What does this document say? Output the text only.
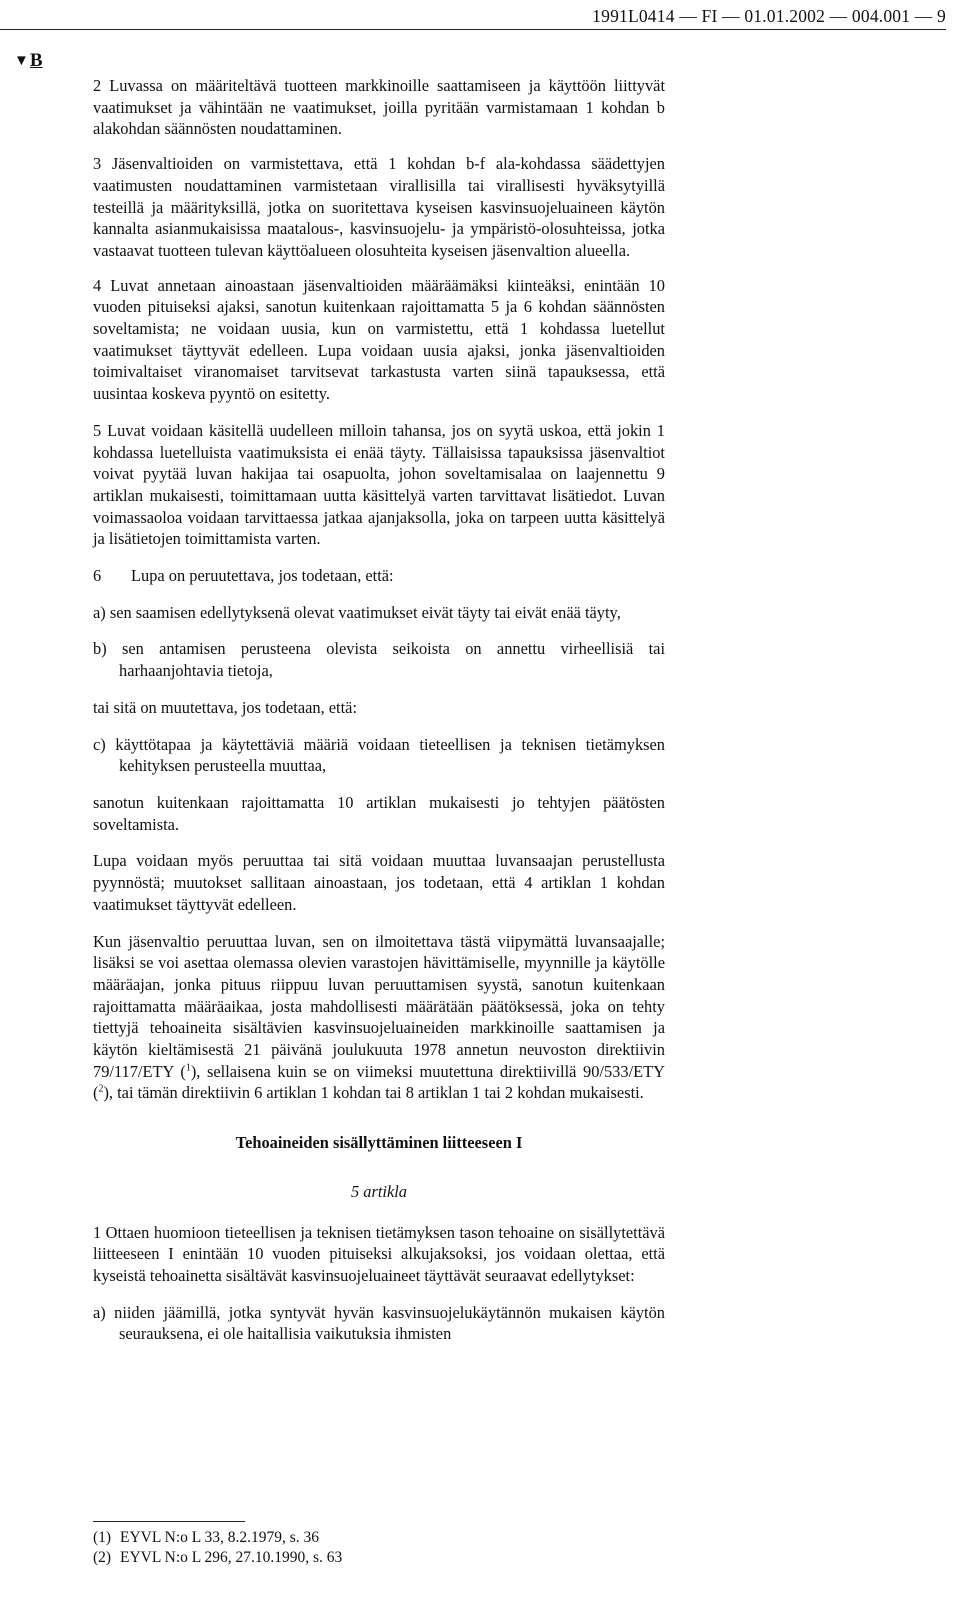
1991L0414 — FI — 01.01.2002 — 004.001 — 9
▼B

2 Luvassa on määriteltävä tuotteen markkinoille saattamiseen ja käyttöön liittyvät vaatimukset ja vähintään ne vaatimukset, joilla pyritään varmistamaan 1 kohdan b alakohdan säännösten noudattaminen.

3 Jäsenvaltioiden on varmistettava, että 1 kohdan b-f ala-kohdassa säädettyjen vaatimusten noudattaminen varmistetaan virallisilla tai virallisesti hyväksytyillä testeillä ja määrityksillä, jotka on suoritettava kyseisen kasvinsuojeluaineen käytön kannalta asianmukaisissa maatalous-, kasvinsuojelu- ja ympäristö-olosuhteissa, jotka vastaavat tuotteen tulevan käyttöalueen olosuhteita kyseisen jäsenvaltion alueella.

4 Luvat annetaan ainoastaan jäsenvaltioiden määräämäksi kiinteäksi, enintään 10 vuoden pituiseksi ajaksi, sanotun kuitenkaan rajoittamatta 5 ja 6 kohdan säännösten soveltamista; ne voidaan uusia, kun on varmistettu, että 1 kohdassa luetellut vaatimukset täyttyvät edelleen. Lupa voidaan uusia ajaksi, jonka jäsenvaltioiden toimivaltaiset viranomaiset tarvitsevat tarkastusta varten siinä tapauksessa, että uusintaa koskeva pyyntö on esitetty.

5 Luvat voidaan käsitellä uudelleen milloin tahansa, jos on syytä uskoa, että jokin 1 kohdassa luetelluista vaatimuksista ei enää täyty. Tällaisissa tapauksissa jäsenvaltiot voivat pyytää luvan hakijaa tai osapuolta, johon soveltamisalaa on laajennettu 9 artiklan mukaisesti, toimittamaan uutta käsittelyä varten tarvittavat lisätiedot. Luvan voimassaoloa voidaan tarvittaessa jatkaa ajanjaksolla, joka on tarpeen uutta käsittelyä ja lisätietojen toimittamista varten.

6 Lupa on peruutettava, jos todetaan, että:

a) sen saamisen edellytyksenä olevat vaatimukset eivät täyty tai eivät enää täyty,

b) sen antamisen perusteena olevista seikoista on annettu virheellisiä tai harhaanjohtavia tietoja,

tai sitä on muutettava, jos todetaan, että:

c) käyttötapaa ja käytettäviä määriä voidaan tieteellisen ja teknisen tietämyksen kehityksen perusteella muuttaa,

sanotun kuitenkaan rajoittamatta 10 artiklan mukaisesti jo tehtyjen päätösten soveltamista.

Lupa voidaan myös peruuttaa tai sitä voidaan muuttaa luvansaajan perustellusta pyynnöstä; muutokset sallitaan ainoastaan, jos todetaan, että 4 artiklan 1 kohdan vaatimukset täyttyvät edelleen.

Kun jäsenvaltio peruuttaa luvan, sen on ilmoitettava tästä viipymättä luvansaajalle; lisäksi se voi asettaa olemassa olevien varastojen hävittämiselle, myynnille ja käytölle määräajan, jonka pituus riippuu luvan peruuttamisen syystä, sanotun kuitenkaan rajoittamatta määräaikaa, josta mahdollisesti määrätään päätöksessä, joka on tehty tiettyjä tehoaineita sisältävien kasvinsuojeluaineiden markkinoille saattamisen ja käytön kieltämisestä 21 päivänä joulukuuta 1978 annetun neuvoston direktiivin 79/117/ETY ($^1$), sellaisena kuin se on viimeksi muutettuna direktiivillä 90/533/ETY ($^2$), tai tämän direktiivin 6 artiklan 1 kohdan tai 8 artiklan 1 tai 2 kohdan mukaisesti.

Tehoaineiden sisällyttäminen liitteeseen I

5 artikla

1 Ottaen huomioon tieteellisen ja teknisen tietämyksen tason tehoaine on sisällytettävä liitteeseen I enintään 10 vuoden pituiseksi alkujaksoksi, jos voidaan olettaa, että kyseistä tehoainetta sisältävät kasvinsuojeluaineet täyttävät seuraavat edellytykset:

a) niiden jäämillä, jotka syntyvät hyvän kasvinsuojelukäytännön mukaisen käytön seurauksena, ei ole haitallisia vaikutuksia ihmisten

(1) EYVL N:o L 33, 8.2.1979, s. 36
(2) EYVL N:o L 296, 27.10.1990, s. 63
